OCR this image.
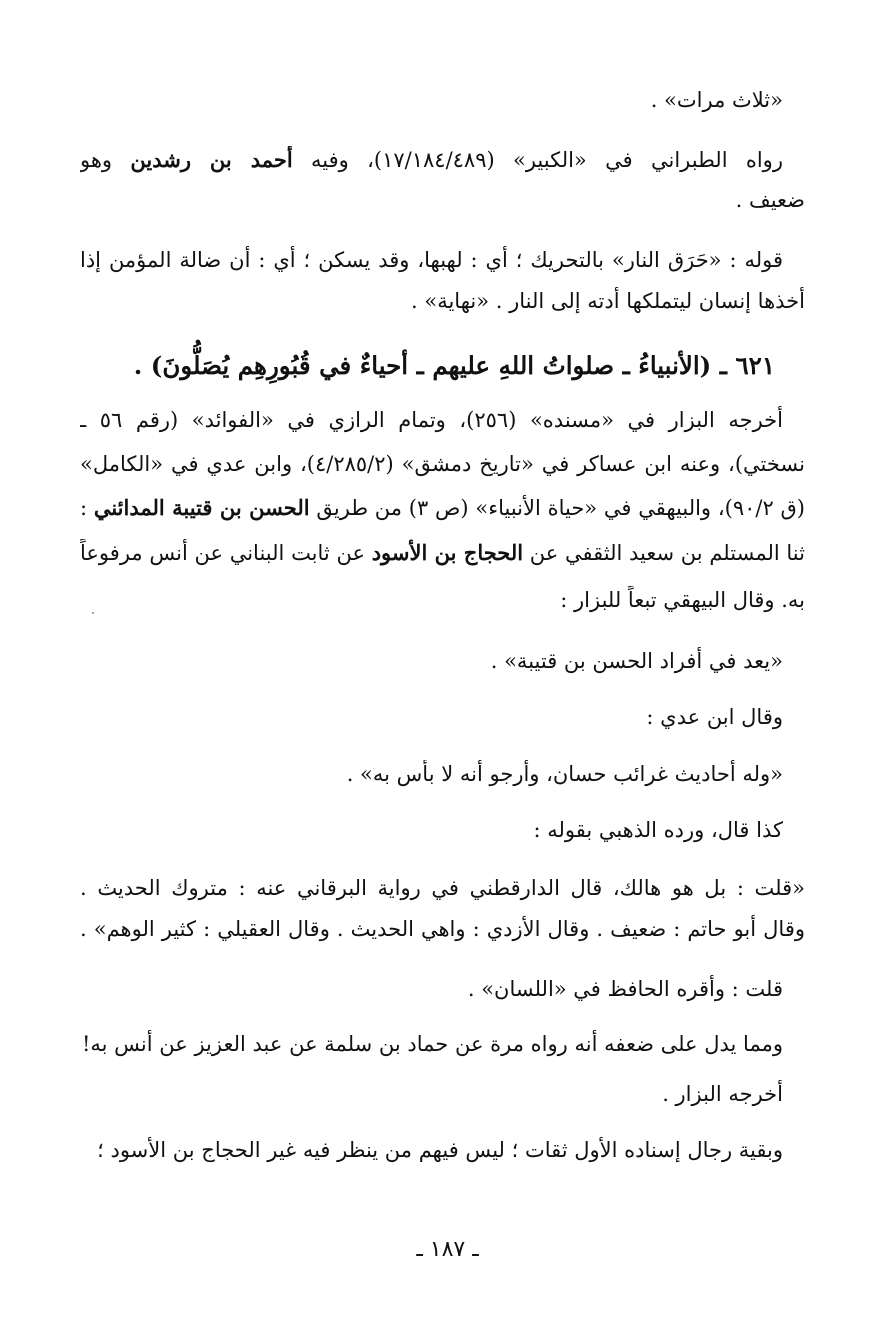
«ثلاث مرات» .
رواه الطبراني في «الكبير» (١٧/١٨٤/٤٨٩)، وفيه أحمد بن رشدين وهو
ضعيف .
قوله : «حَرَق النار» بالتحريك ؛ أي : لهبها، وقد يسكن ؛ أي : أن ضالة المؤمن إذا
أخذها إنسان ليتملكها أدته إلى النار . «نهاية» .
٦٢١ ـ (الأنبياءُ ـ صلواتُ اللهِ عليهم ـ أحياءٌ في قُبُورِهِم يُصَلُّونَ) .
أخرجه البزار في «مسنده» (٢٥٦)، وتمام الرازي في «الفوائد» (رقم ٥٦ ـ
نسختي)، وعنه ابن عساكر في «تاريخ دمشق» (٤/٢٨٥/٢)، وابن عدي في «الكامل»
(ق ٩٠/٢)، والبيهقي في «حياة الأنبياء» (ص ٣) من طريق الحسن بن قتيبة المدائني :
ثنا المستلم بن سعيد الثقفي عن الحجاج بن الأسود عن ثابت البناني عن أنس مرفوعاً
به. وقال البيهقي تبعاً للبزار :
«يعد في أفراد الحسن بن قتيبة» .
وقال ابن عدي :
«وله أحاديث غرائب حسان، وأرجو أنه لا بأس به» .
كذا قال، ورده الذهبي بقوله :
«قلت : بل هو هالك، قال الدارقطني في رواية البرقاني عنه : متروك الحديث .
وقال أبو حاتم : ضعيف . وقال الأزدي : واهي الحديث . وقال العقيلي : كثير الوهم» .
قلت : وأقره الحافظ في «اللسان» .
ومما يدل على ضعفه أنه رواه مرة عن حماد بن سلمة عن عبد العزيز عن أنس به!
أخرجه البزار .
وبقية رجال إسناده الأول ثقات ؛ ليس فيهم من ينظر فيه غير الحجاج بن الأسود ؛
ـ ١٨٧ ـ
